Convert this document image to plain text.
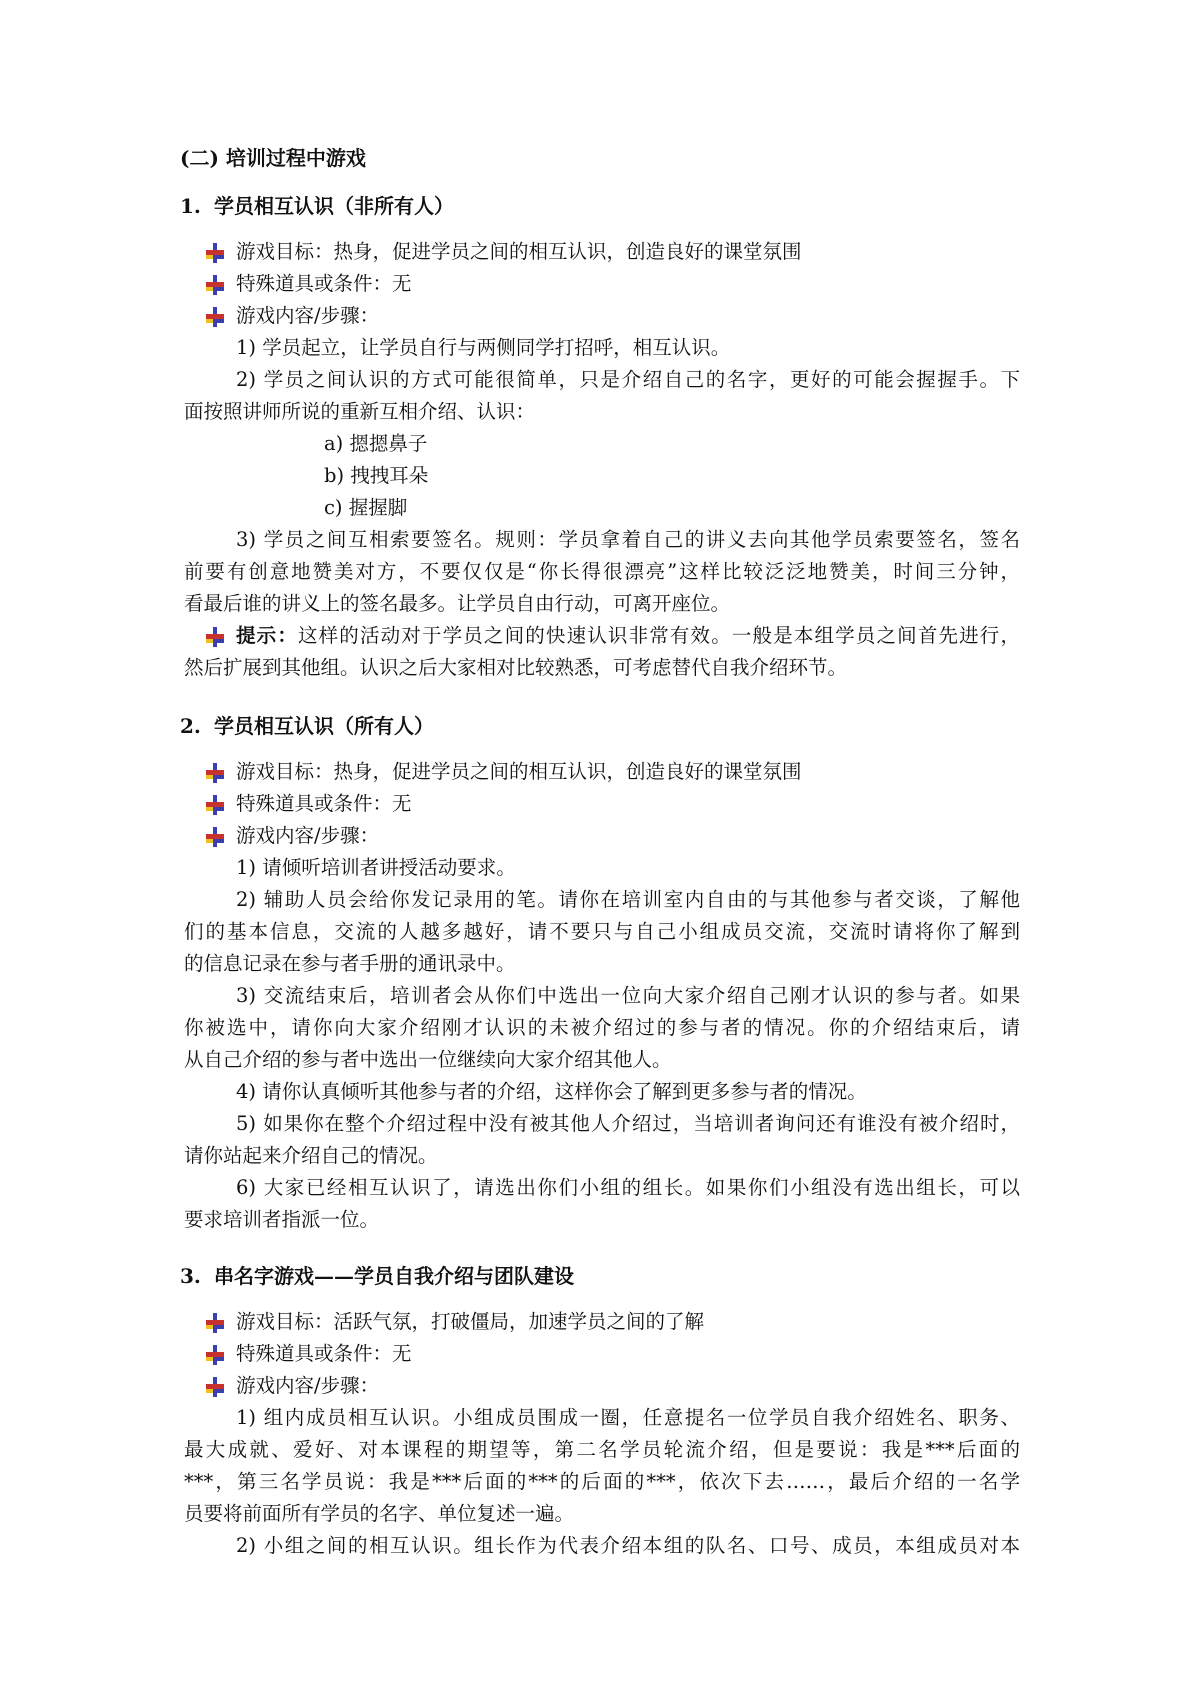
(二) 培训过程中游戏
1. 学员相互认识（非所有人）
游戏目标：热身，促进学员之间的相互认识，创造良好的课堂氛围
特殊道具或条件：无
游戏内容/步骤：
1) 学员起立，让学员自行与两侧同学打招呼，相互认识。
2) 学员之间认识的方式可能很简单，只是介绍自己的名字，更好的可能会握握手。下
面按照讲师所说的重新互相介绍、认识：
a) 摁摁鼻子
b) 拽拽耳朵
c) 握握脚
3) 学员之间互相索要签名。规则：学员拿着自己的讲义去向其他学员索要签名，签名
前要有创意地赞美对方，不要仅仅是“你长得很漂亮”这样比较泛泛地赞美，时间三分钟，
看最后谁的讲义上的签名最多。让学员自由行动，可离开座位。
提示：这样的活动对于学员之间的快速认识非常有效。一般是本组学员之间首先进行，
然后扩展到其他组。认识之后大家相对比较熟悉，可考虑替代自我介绍环节。
2. 学员相互认识（所有人）
游戏目标：热身，促进学员之间的相互认识，创造良好的课堂氛围
特殊道具或条件：无
游戏内容/步骤：
1) 请倾听培训者讲授活动要求。
2) 辅助人员会给你发记录用的笔。请你在培训室内自由的与其他参与者交谈，了解他
们的基本信息，交流的人越多越好，请不要只与自己小组成员交流，交流时请将你了解到
的信息记录在参与者手册的通讯录中。
3) 交流结束后，培训者会从你们中选出一位向大家介绍自己刚才认识的参与者。如果
你被选中，请你向大家介绍刚才认识的未被介绍过的参与者的情况。你的介绍结束后，请
从自己介绍的参与者中选出一位继续向大家介绍其他人。
4) 请你认真倾听其他参与者的介绍，这样你会了解到更多参与者的情况。
5) 如果你在整个介绍过程中没有被其他人介绍过，当培训者询问还有谁没有被介绍时，
请你站起来介绍自己的情况。
6) 大家已经相互认识了，请选出你们小组的组长。如果你们小组没有选出组长，可以
要求培训者指派一位。
3. 串名字游戏——学员自我介绍与团队建设
游戏目标：活跃气氛，打破僵局，加速学员之间的了解
特殊道具或条件：无
游戏内容/步骤：
1) 组内成员相互认识。小组成员围成一圈，任意提名一位学员自我介绍姓名、职务、
最大成就、爱好、对本课程的期望等，第二名学员轮流介绍，但是要说：我是***后面的
***，第三名学员说：我是***后面的***的后面的***，依次下去……，最后介绍的一名学
员要将前面所有学员的名字、单位复述一遍。
2) 小组之间的相互认识。组长作为代表介绍本组的队名、口号、成员，本组成员对本
